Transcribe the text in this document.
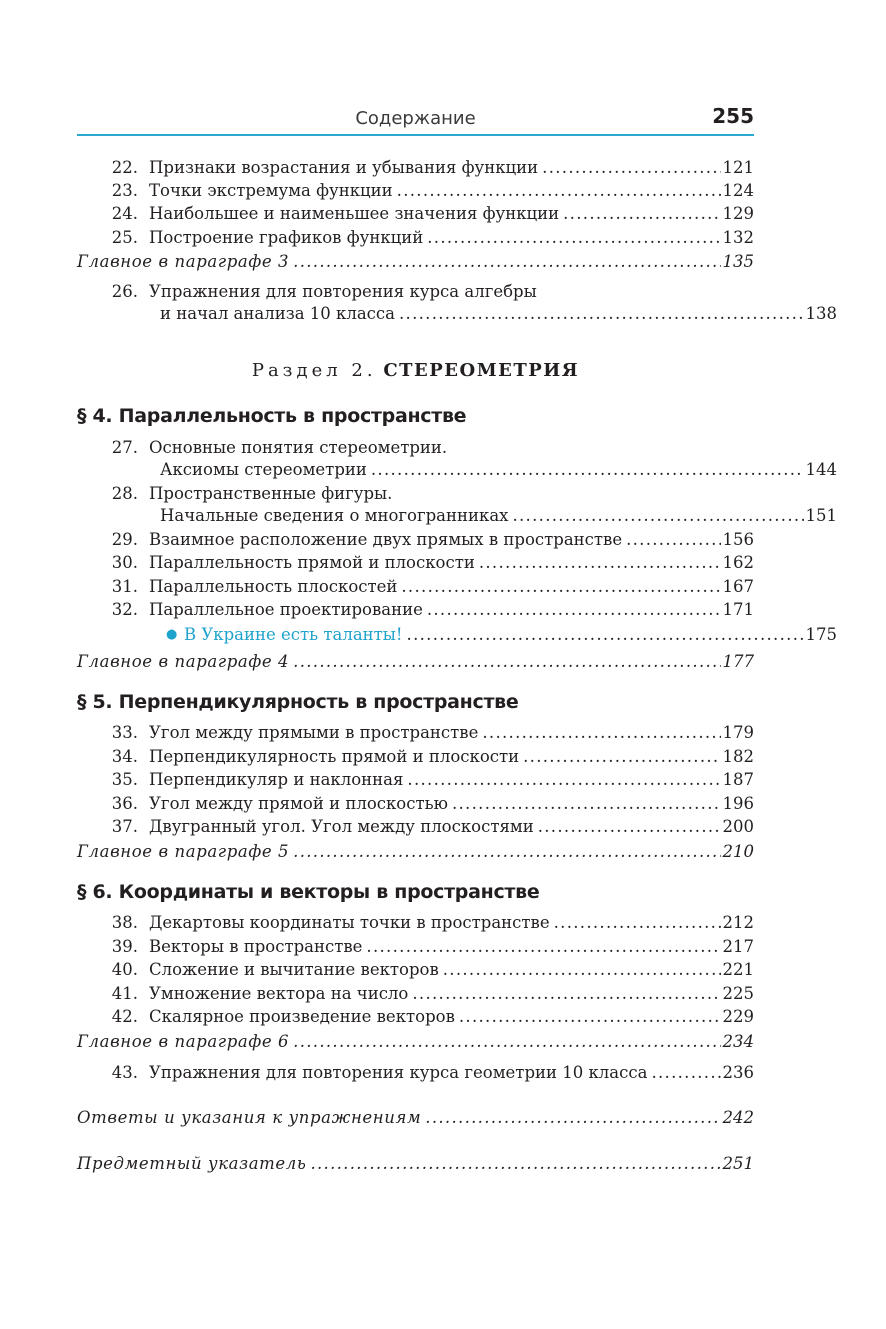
Содержание	255
22. Признаки возрастания и убывания функции .....	121
23. Точки экстремума функции .....	124
24. Наибольшее и наименьшее значения функции .....	129
25. Построение графиков функций .....	132
Главное в параграфе 3 .....	135
26. Упражнения для повторения курса алгебры
и начал анализа 10 класса .....	138
Раздел 2. СТЕРЕОМЕТРИЯ
§ 4. Параллельность в пространстве
27. Основные понятия стереометрии.
Аксиомы стереометрии .....	144
28. Пространственные фигуры.
Начальные сведения о многогранниках .....	151
29. Взаимное расположение двух прямых в пространстве .....	156
30. Параллельность прямой и плоскости .....	162
31. Параллельность плоскостей .....	167
32. Параллельное проектирование .....	171
● В Украине есть таланты! .....	175
Главное в параграфе 4 .....	177
§ 5. Перпендикулярность в пространстве
33. Угол между прямыми в пространстве .....	179
34. Перпендикулярность прямой и плоскости .....	182
35. Перпендикуляр и наклонная .....	187
36. Угол между прямой и плоскостью .....	196
37. Двугранный угол. Угол между плоскостями .....	200
Главное в параграфе 5 .....	210
§ 6. Координаты и векторы в пространстве
38. Декартовы координаты точки в пространстве .....	212
39. Векторы в пространстве .....	217
40. Сложение и вычитание векторов .....	221
41. Умножение вектора на число .....	225
42. Скалярное произведение векторов .....	229
Главное в параграфе 6 .....	234
43. Упражнения для повторения курса геометрии 10 класса .....	236
Ответы и указания к упражнениям .....	242
Предметный указатель .....	251
